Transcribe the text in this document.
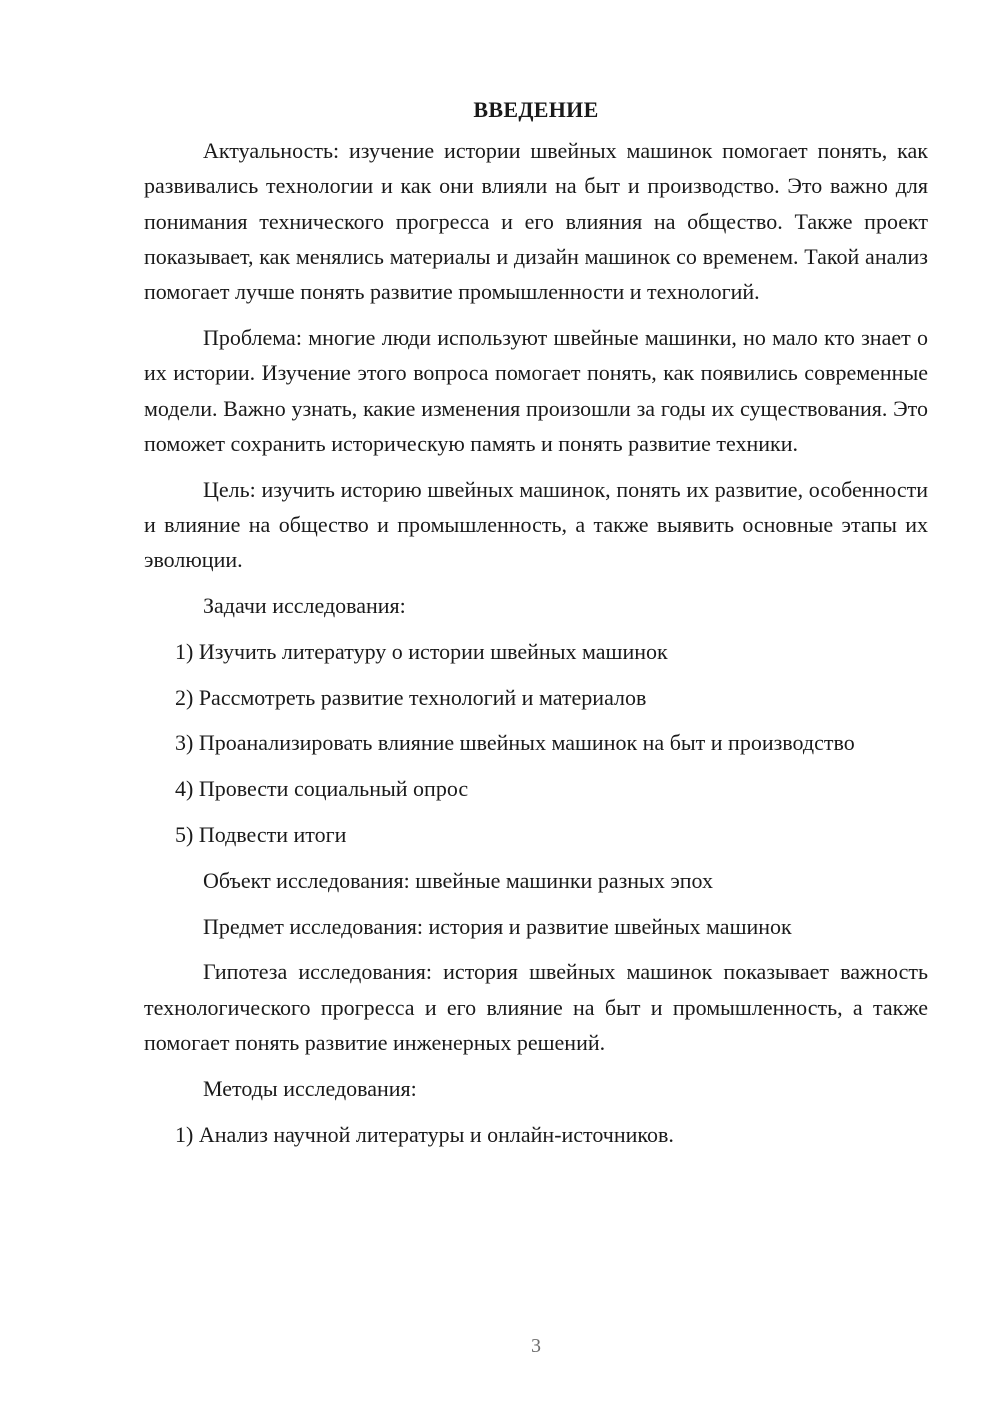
ВВЕДЕНИЕ

Актуальность: изучение истории швейных машинок помогает понять, как развивались технологии и как они влияли на быт и производство. Это важно для понимания технического прогресса и его влияния на общество. Также проект показывает, как менялись материалы и дизайн машинок со временем. Такой анализ помогает лучше понять развитие промышленности и технологий.

Проблема: многие люди используют швейные машинки, но мало кто знает о их истории. Изучение этого вопроса помогает понять, как появились современные модели. Важно узнать, какие изменения произошли за годы их существования. Это поможет сохранить историческую память и понять развитие техники.

Цель: изучить историю швейных машинок, понять их развитие, особенности и влияние на общество и промышленность, а также выявить основные этапы их эволюции.

Задачи исследования:

1) Изучить литературу о истории швейных машинок

2) Рассмотреть развитие технологий и материалов

3) Проанализировать влияние швейных машинок на быт и производство

4) Провести социальный опрос

5) Подвести итоги

Объект исследования: швейные машинки разных эпох

Предмет исследования: история и развитие швейных машинок

Гипотеза исследования: история швейных машинок показывает важность технологического прогресса и его влияние на быт и промышленность, а также помогает понять развитие инженерных решений.

Методы исследования:

1) Анализ научной литературы и онлайн-источников.

3
